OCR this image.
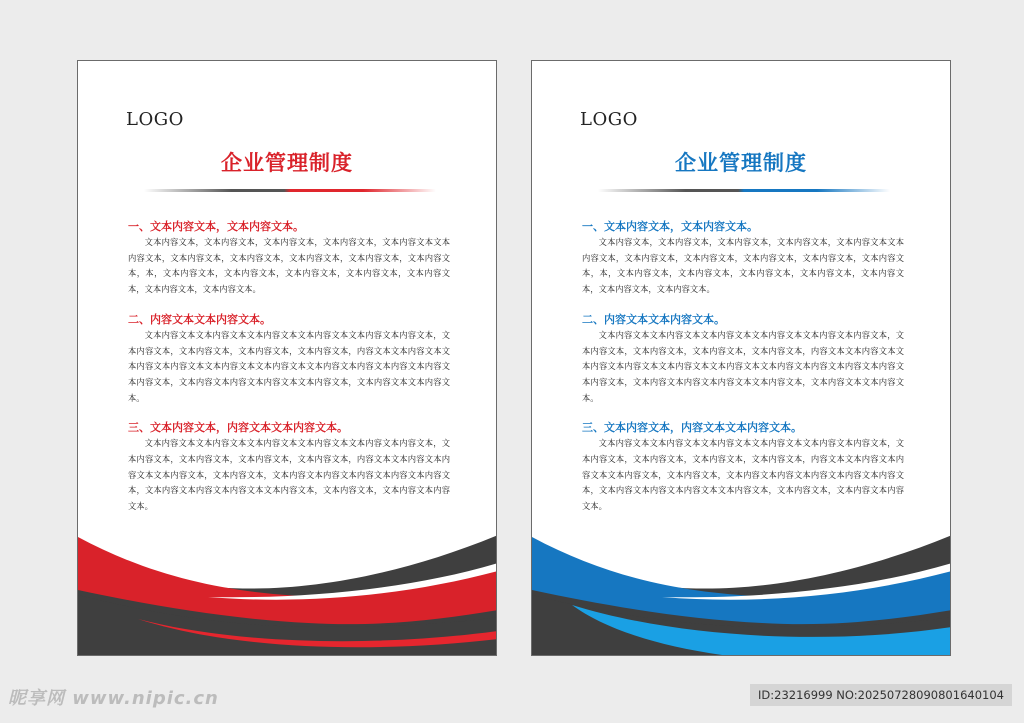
LOGO
企业管理制度
一、文本内容文本，文本内容文本。
文本内容文本，文本内容文本，文本内容文本，文本内容文本，文本内容文本文本内容文本，文本内容文本，文本内容文本，文本内容文本，文本内容文本，文本内容文本，本，文本内容文本，文本内容文本，文本内容文本，文本内容文本，文本内容文本，文本内容文本，文本内容文本。
二、内容文本文本内容文本。
文本内容文本文本内容文本文本内容文本文本内容文本文本内容文本内容文本，文本内容文本，文本内容文本，文本内容文本，文本内容文本，内容文本文本内容文本文本内容文本内容文本文本内容文本文本内容文本文本内容文本内容文本内容文本内容文本内容文本，文本内容文本内容文本内容文本文本内容文本，文本内容文本文本内容文本。
三、文本内容文本，内容文本文本内容文本。
文本内容文本文本内容文本文本内容文本文本内容文本文本内容文本内容文本，文本内容文本，文本内容文本，文本内容文本，文本内容文本，内容文本文本内容文本内容文本文本内容文本，文本内容文本，文本内容文本内容文本内容文本内容文本内容文本，文本内容文本内容文本内容文本文本内容文本，文本内容文本，文本内容文本内容文本。
LOGO
企业管理制度
一、文本内容文本，文本内容文本。
文本内容文本，文本内容文本，文本内容文本，文本内容文本，文本内容文本文本内容文本，文本内容文本，文本内容文本，文本内容文本，文本内容文本，文本内容文本，本，文本内容文本，文本内容文本，文本内容文本，文本内容文本，文本内容文本，文本内容文本，文本内容文本。
二、内容文本文本内容文本。
文本内容文本文本内容文本文本内容文本文本内容文本文本内容文本内容文本，文本内容文本，文本内容文本，文本内容文本，文本内容文本，内容文本文本内容文本文本内容文本内容文本文本内容文本文本内容文本文本内容文本内容文本内容文本内容文本内容文本，文本内容文本内容文本内容文本文本内容文本，文本内容文本文本内容文本。
三、文本内容文本，内容文本文本内容文本。
文本内容文本文本内容文本文本内容文本文本内容文本文本内容文本内容文本，文本内容文本，文本内容文本，文本内容文本，文本内容文本，内容文本文本内容文本内容文本文本内容文本，文本内容文本，文本内容文本内容文本内容文本内容文本内容文本，文本内容文本内容文本内容文本文本内容文本，文本内容文本，文本内容文本内容文本。
昵享网 www.nipic.cn	ID:23216999 NO:20250728090801640104
